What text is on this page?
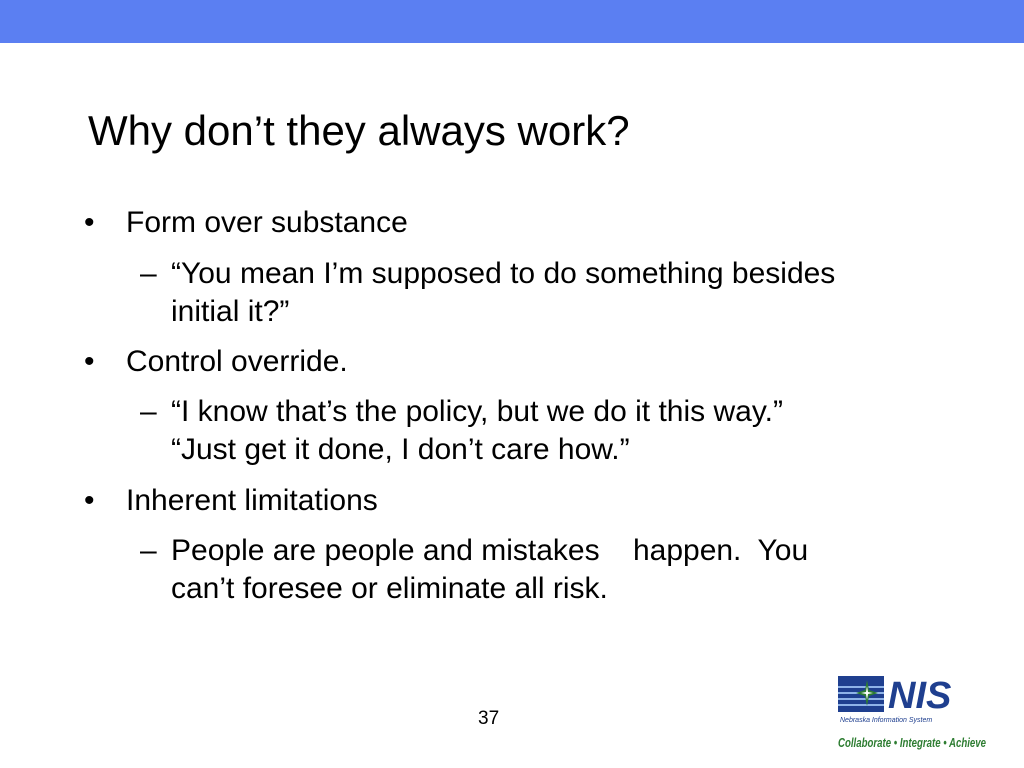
Why don’t they always work?
• Form over substance
– “You mean I’m supposed to do something besides
initial it?”
• Control override.
– “I know that’s the policy, but we do it this way.”
“Just get it done, I don’t care how.”
• Inherent limitations
– People are people and mistakes    happen.  You
can’t foresee or eliminate all risk.
37
NIS
Nebraska Information System
Collaborate • Integrate • Achieve
